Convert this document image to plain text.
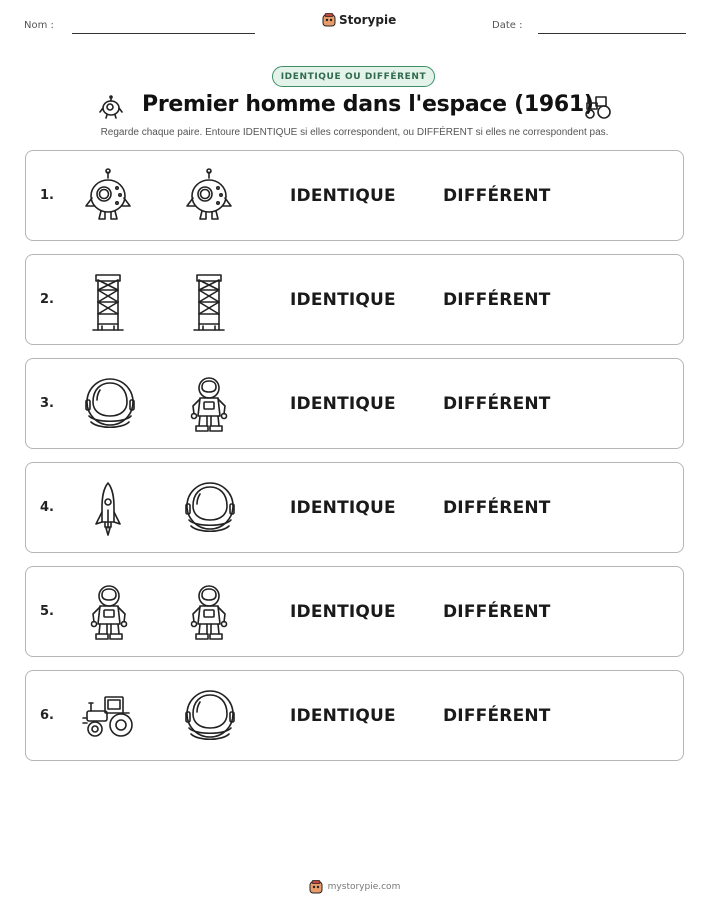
Nom :	Storypie	Date :
IDENTIQUE OU DIFFÉRENT
Premier homme dans l'espace (1961)
Regarde chaque paire. Entoure IDENTIQUE si elles correspondent, ou DIFFÉRENT si elles ne correspondent pas.
1.	IDENTIQUE	DIFFÉRENT
2.	IDENTIQUE	DIFFÉRENT
3.	IDENTIQUE	DIFFÉRENT
4.	IDENTIQUE	DIFFÉRENT
5.	IDENTIQUE	DIFFÉRENT
6.	IDENTIQUE	DIFFÉRENT
mystorypie.com
